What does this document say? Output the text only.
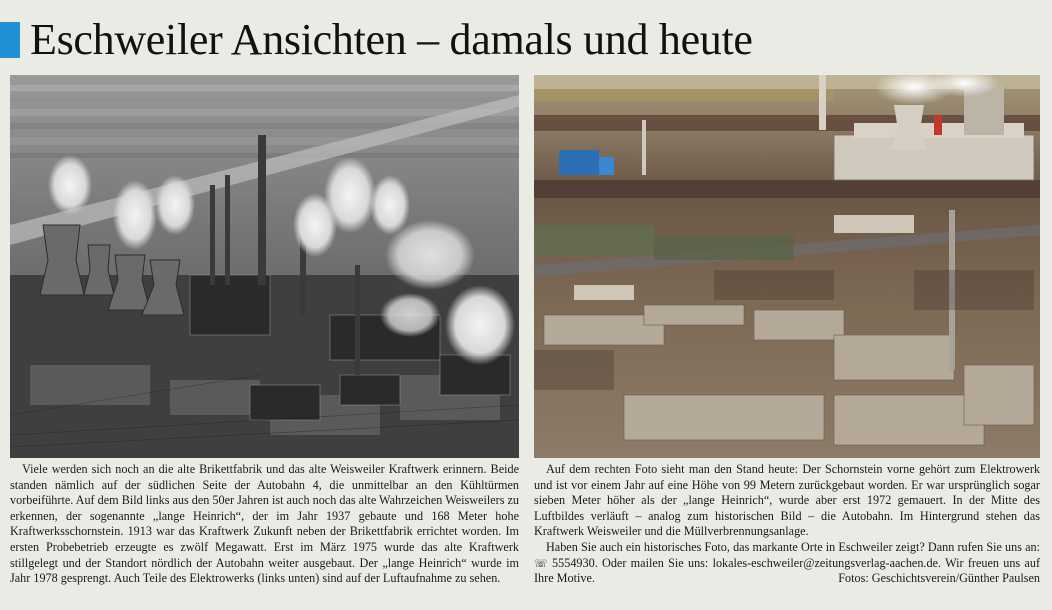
Eschweiler Ansichten – damals und heute

Viele werden sich noch an die alte Brikettfabrik und das alte Weisweiler Kraftwerk erinnern. Beide standen nämlich auf der südlichen Seite der Autobahn 4, die unmittelbar an den Kühltürmen vorbeiführte. Auf dem Bild links aus den 50er Jahren ist auch noch das alte Wahrzeichen Weisweilers zu erkennen, der sogenannte „lange Heinrich“, der im Jahr 1937 gebaute und 168 Meter hohe Kraftwerksschornstein. 1913 war das Kraftwerk Zukunft neben der Brikettfabrik errichtet worden. Im ersten Probebetrieb erzeugte es zwölf Megawatt. Erst im März 1975 wurde das alte Kraftwerk stillgelegt und der Standort nördlich der Autobahn weiter ausgebaut. Der „lange Heinrich“ wurde im Jahr 1978 gesprengt. Auch Teile des Elektrowerks (links unten) sind auf der Luftaufnahme zu sehen.

Auf dem rechten Foto sieht man den Stand heute: Der Schornstein vorne gehört zum Elektrowerk und ist vor einem Jahr auf eine Höhe von 99 Metern zurückgebaut worden. Er war ursprünglich sogar sieben Meter höher als der „lange Heinrich“, wurde aber erst 1972 gemauert. In der Mitte des Luftbildes verläuft – analog zum historischen Bild – die Autobahn. Im Hintergrund stehen das Kraftwerk Weisweiler und die Müllverbrennungsanlage.

Haben Sie auch ein historisches Foto, das markante Orte in Eschweiler zeigt? Dann rufen Sie uns an: ☏ 5554930. Oder mailen Sie uns: lokales-eschweiler@zeitungsverlag-aachen.de. Wir freuen uns auf Ihre Motive.	Fotos: Geschichtsverein/Günther Paulsen
